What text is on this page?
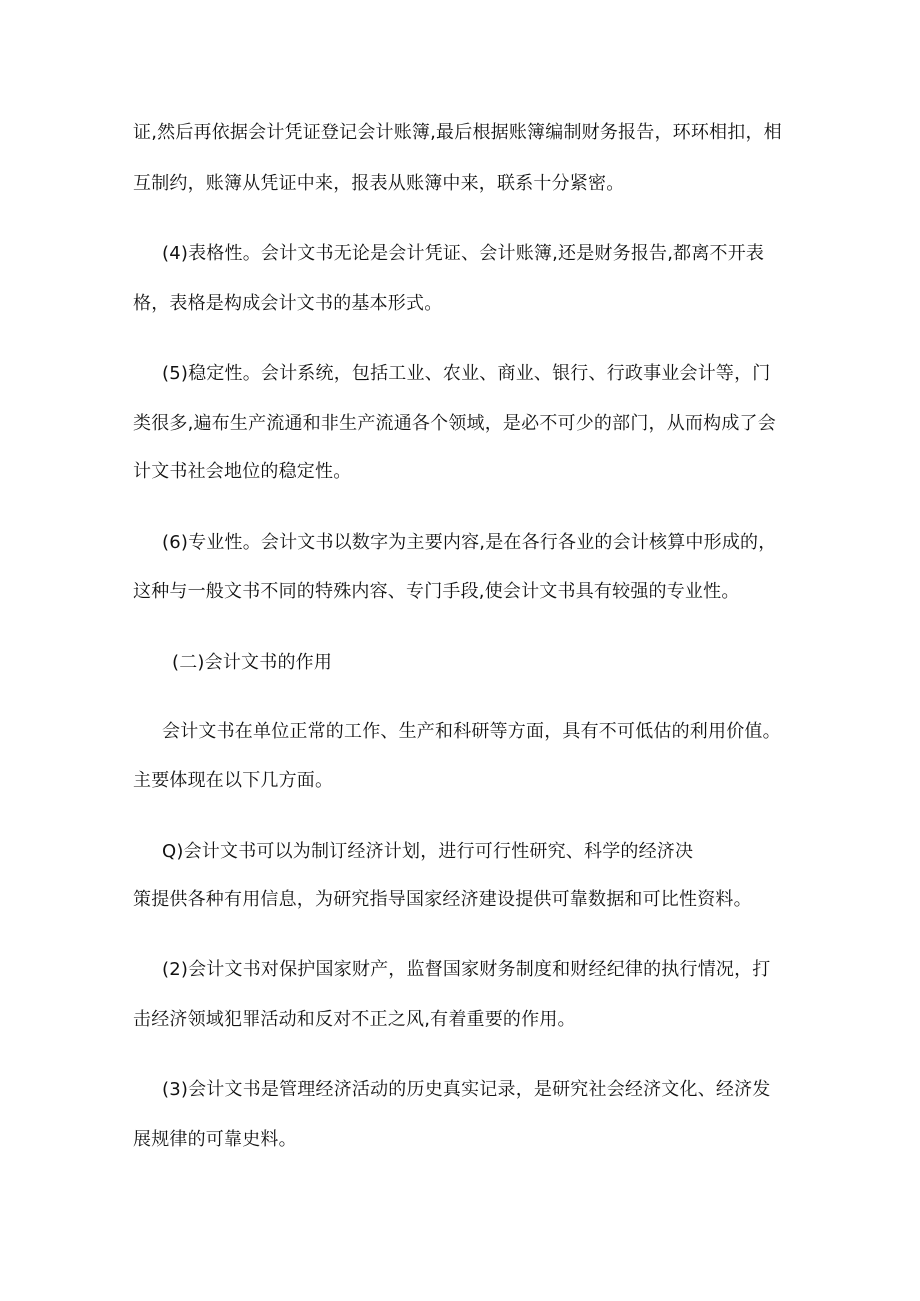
证,然后再依据会计凭证登记会计账簿,最后根据账簿编制财务报告，环环相扣，相
互制约，账簿从凭证中来，报表从账簿中来，联系十分紧密。
(4)表格性。会计文书无论是会计凭证、会计账簿,还是财务报告,都离不开表
格，表格是构成会计文书的基本形式。
(5)稳定性。会计系统，包括工业、农业、商业、银行、行政事业会计等，门
类很多,遍布生产流通和非生产流通各个领域，是必不可少的部门，从而构成了会
计文书社会地位的稳定性。
(6)专业性。会计文书以数字为主要内容,是在各行各业的会计核算中形成的，
这种与一般文书不同的特殊内容、专门手段,使会计文书具有较强的专业性。
(二)会计文书的作用
会计文书在单位正常的工作、生产和科研等方面，具有不可低估的利用价值。
主要体现在以下几方面。
Q)会计文书可以为制订经济计划，进行可行性研究、科学的经济决
策提供各种有用信息，为研究指导国家经济建设提供可靠数据和可比性资料。
(2)会计文书对保护国家财产，监督国家财务制度和财经纪律的执行情况，打
击经济领域犯罪活动和反对不正之风,有着重要的作用。
(3)会计文书是管理经济活动的历史真实记录，是研究社会经济文化、经济发
展规律的可靠史料。
